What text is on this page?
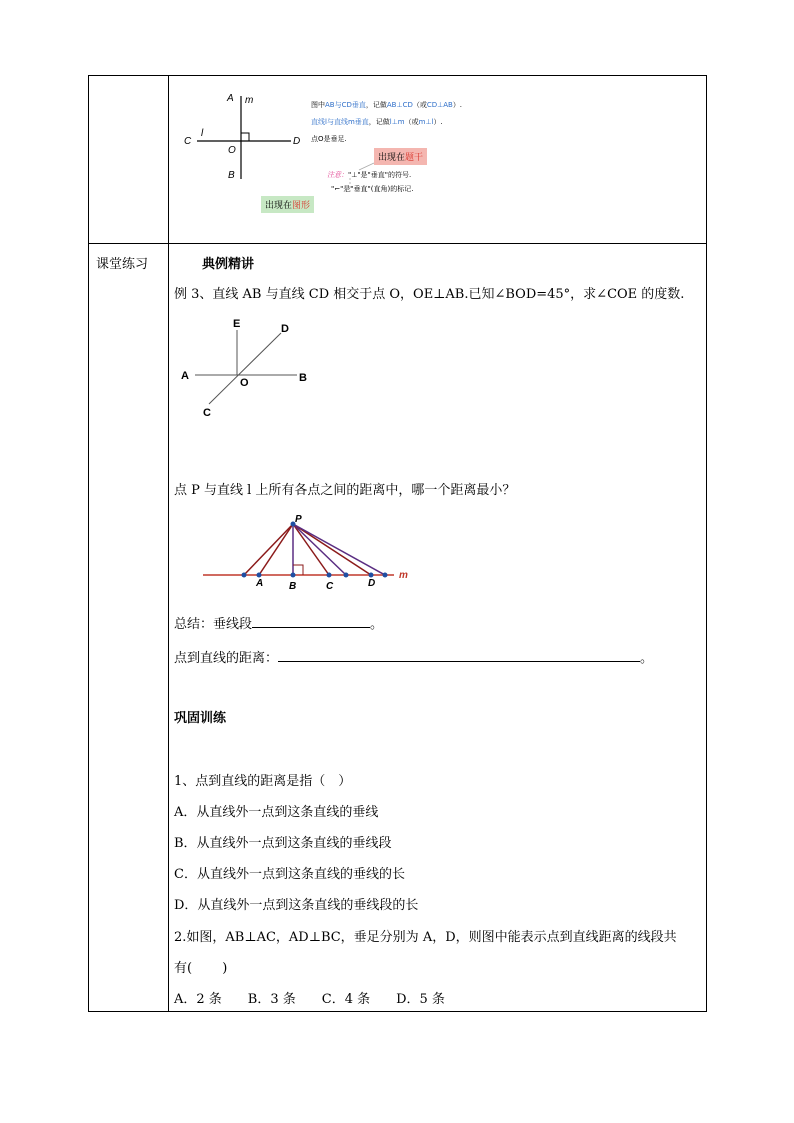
A m
C
l
O
D
B
图中AB与CD垂直，记做AB⊥CD（或CD⊥AB）.
直线l与直线m垂直，记做l⊥m（或m⊥l）.
点O是垂足.
出现在题干
注意："⊥"是"垂直"的符号.
"⌐"是"垂直"(直角)的标记.
出现在图形
课堂练习	典例精讲
例 3、直线 AB 与直线 CD 相交于点 O，OE⊥AB.已知∠BOD=45°，求∠COE 的度数.
E	D
A
O	B
C
点 P 与直线 l 上所有各点之间的距离中，哪一个距离最小？
P
A	B	C	D
m
总结：垂线段	。
点到直线的距离：	。
巩固训练
1、点到直线的距离是指（　）
A．从直线外一点到这条直线的垂线
B．从直线外一点到这条直线的垂线段
C．从直线外一点到这条直线的垂线的长
D．从直线外一点到这条直线的垂线段的长
2.如图，AB⊥AC，AD⊥BC，垂足分别为 A，D，则图中能表示点到直线距离的线段共
有(　　 )
A．2 条　　B．3 条　　C．4 条　　D．5 条
